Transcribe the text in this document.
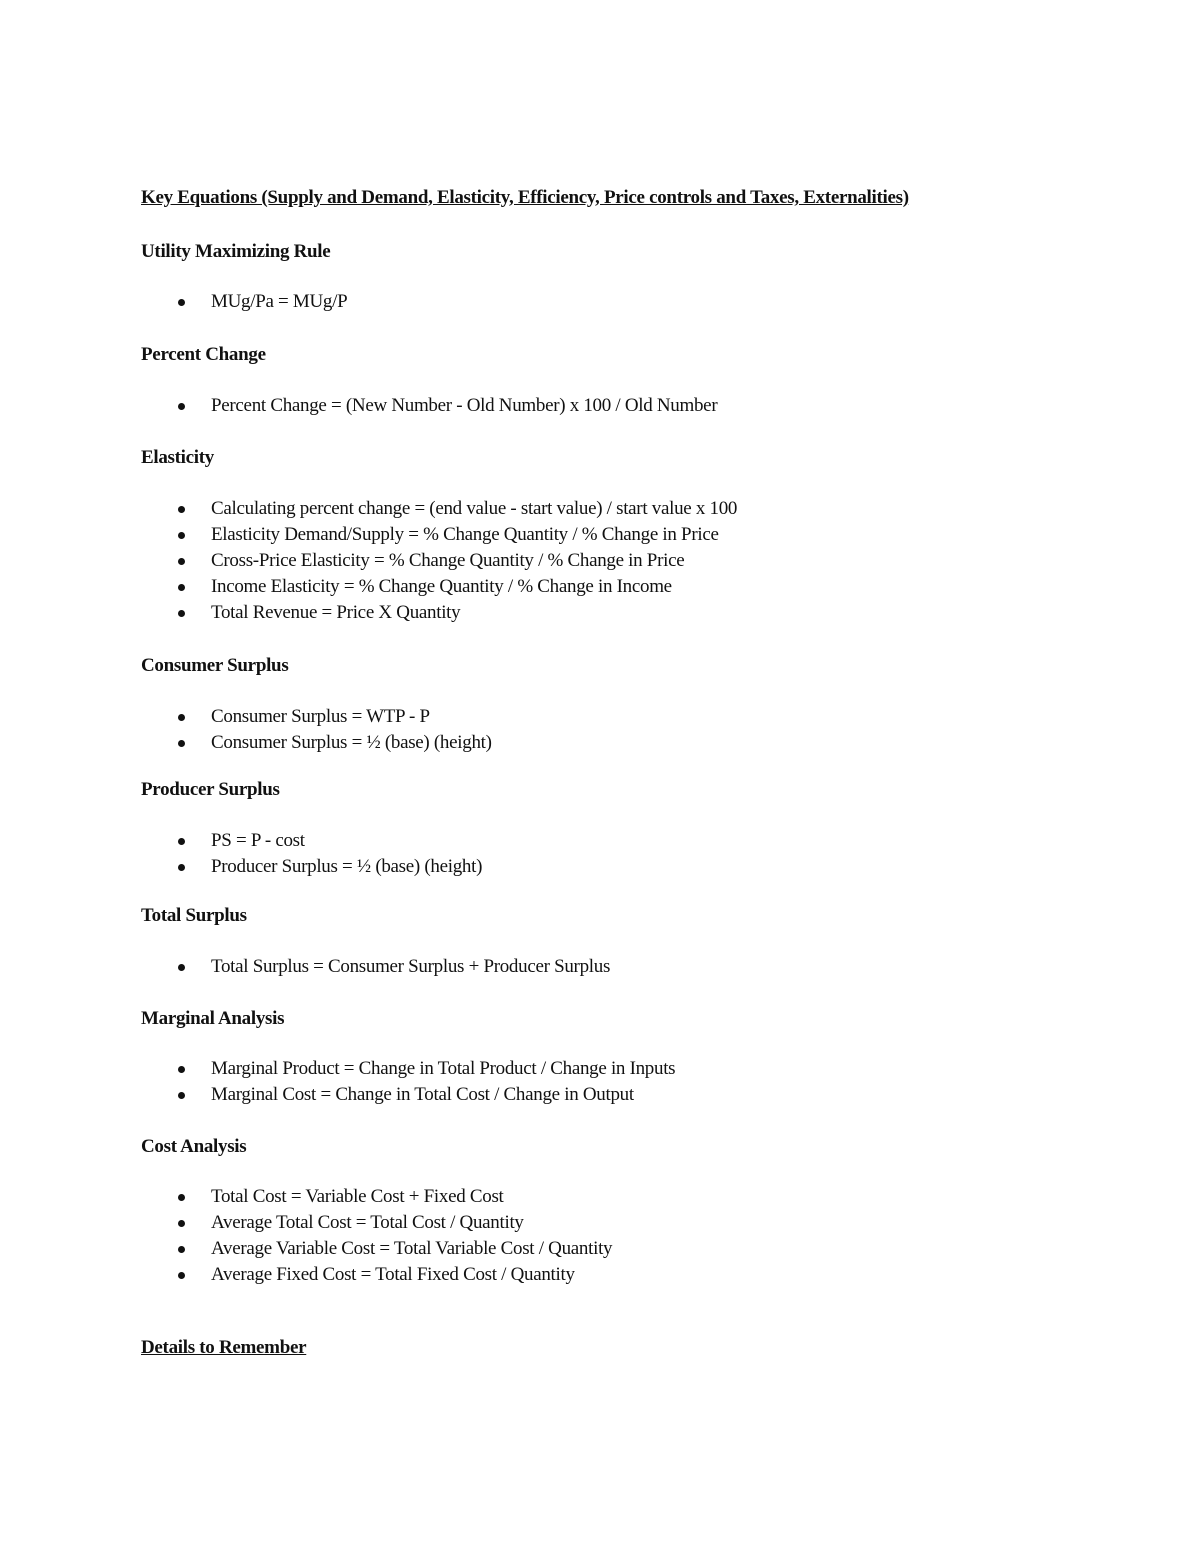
Key Equations (Supply and Demand, Elasticity, Efficiency, Price controls and Taxes, Externalities)
Utility Maximizing Rule
MUg/Pa = MUg/P
Percent Change
Percent Change = (New Number - Old Number) x 100 / Old Number
Elasticity
Calculating percent change = (end value - start value) / start value x 100
Elasticity Demand/Supply = % Change Quantity / % Change in Price
Cross-Price Elasticity = % Change Quantity / % Change in Price
Income Elasticity = % Change Quantity / % Change in Income
Total Revenue = Price X Quantity
Consumer Surplus
Consumer Surplus = WTP - P
Consumer Surplus = ½ (base) (height)
Producer Surplus
PS = P - cost
Producer Surplus = ½ (base) (height)
Total Surplus
Total Surplus = Consumer Surplus + Producer Surplus
Marginal Analysis
Marginal Product = Change in Total Product / Change in Inputs
Marginal Cost = Change in Total Cost / Change in Output
Cost Analysis
Total Cost = Variable Cost + Fixed Cost
Average Total Cost = Total Cost / Quantity
Average Variable Cost = Total Variable Cost / Quantity
Average Fixed Cost = Total Fixed Cost / Quantity
Details to Remember
